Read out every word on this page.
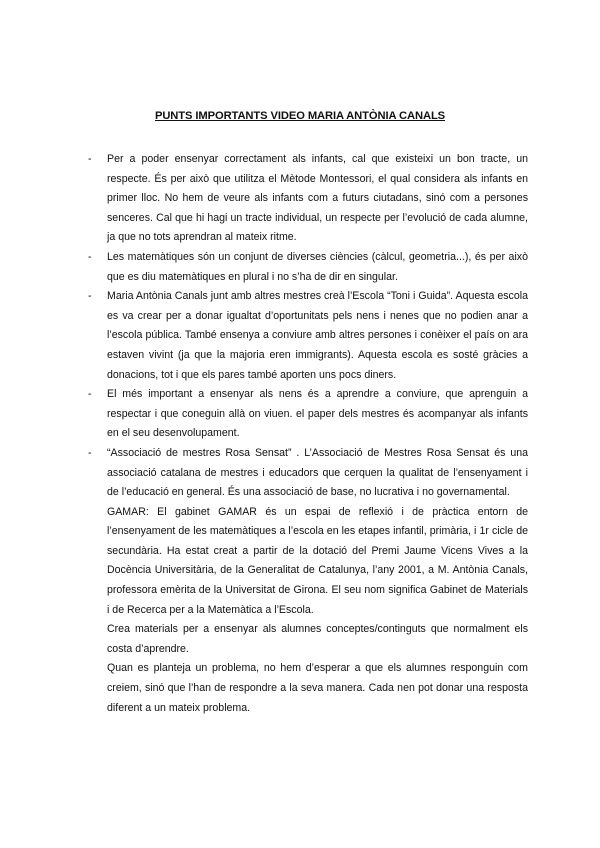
PUNTS IMPORTANTS VIDEO MARIA ANTÒNIA CANALS
- Per a poder ensenyar correctament als infants, cal que existeixi un bon tracte, un respecte. És per això que utilitza el Mètode Montessori, el qual considera als infants en primer lloc. No hem de veure als infants com a futurs ciutadans, sinó com a persones senceres. Cal que hi hagi un tracte individual, un respecte per l’evolució de cada alumne, ja que no tots aprendran al mateix ritme.
- Les matemàtiques són un conjunt de diverses ciències (càlcul, geometria...), és per això que es diu matemàtiques en plural i no s’ha de dir en singular.
- Maria Antònia Canals junt amb altres mestres creà l’Escola “Toni i Guida”. Aquesta escola es va crear per a donar igualtat d’oportunitats pels nens i nenes que no podien anar a l’escola pública. També ensenya a conviure amb altres persones i conèixer el país on ara estaven vivint (ja que la majoria eren immigrants). Aquesta escola es sosté gràcies a donacions, tot i que els pares també aporten uns pocs diners.
- El més important a ensenyar als nens és a aprendre a conviure, que aprenguin a respectar i que coneguin allà on viuen. el paper dels mestres és acompanyar als infants en el seu desenvolupament.
- “Associació de mestres Rosa Sensat” . L’Associació de Mestres Rosa Sensat és una associació catalana de mestres i educadors que cerquen la qualitat de l’ensenyament i de l’educació en general. És una associació de base, no lucrativa i no governamental.

GAMAR: El gabinet GAMAR és un espai de reflexió i de pràctica entorn de l’ensenyament de les matemàtiques a l’escola en les etapes infantil, primària, i 1r cicle de secundària. Ha estat creat a partir de la dotació del Premi Jaume Vicens Vives a la Docència Universitària, de la Generalitat de Catalunya, l’any 2001, a M. Antònia Canals, professora emèrita de la Universitat de Girona. El seu nom significa Gabinet de Materials i de Recerca per a la Matemàtica a l’Escola.

Crea materials per a ensenyar als alumnes conceptes/continguts que normalment els costa d’aprendre.

Quan es planteja un problema, no hem d’esperar a que els alumnes responguin com creiem, sinó que l’han de respondre a la seva manera. Cada nen pot donar una resposta diferent a un mateix problema.
